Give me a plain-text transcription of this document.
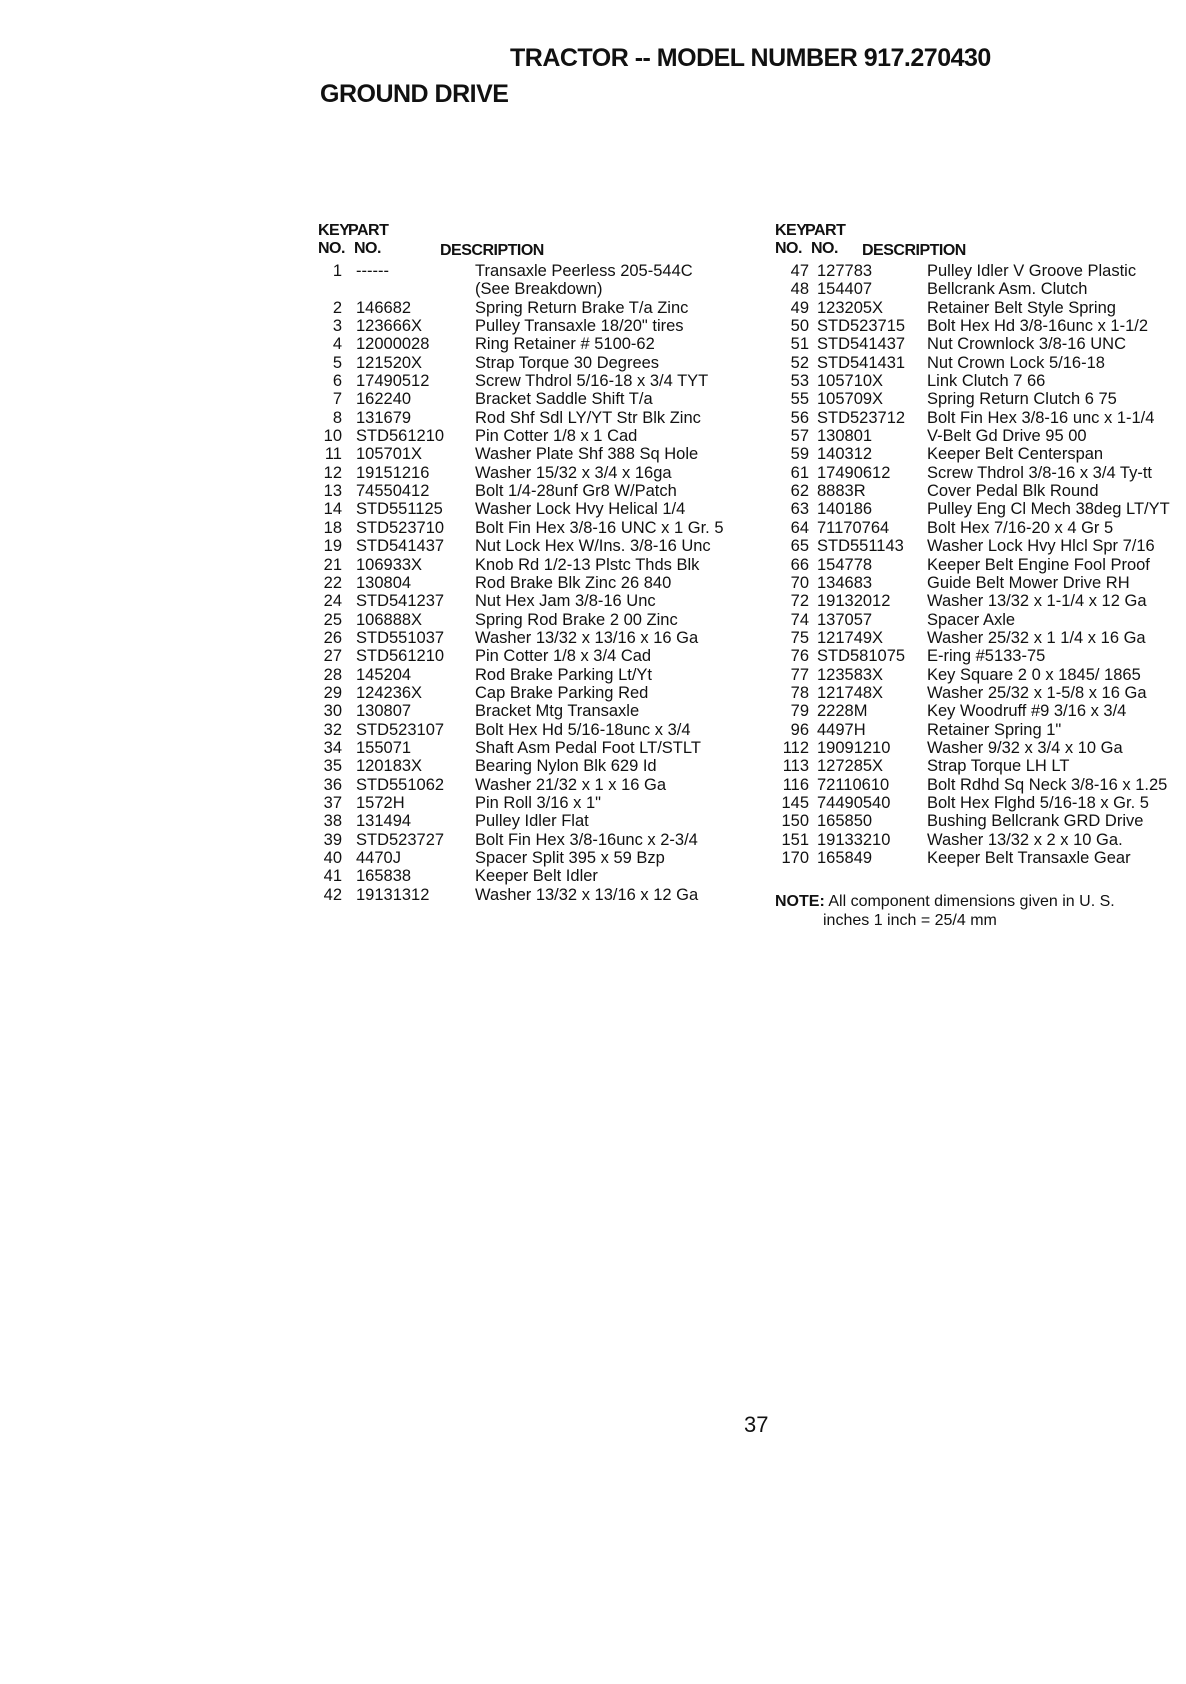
TRACTOR -- MODEL NUMBER 917.270430
GROUND DRIVE
KEY
PART
NO. NO.	DESCRIPTION
1 ------	Transaxle Peerless 205-544C
(See Breakdown)
2 146682	Spring Return Brake T/a Zinc
3 123666X	Pulley Transaxle 18/20" tires
4 12000028	Ring Retainer # 5100-62
5 121520X	Strap Torque 30 Degrees
6 17490512	Screw Thdrol 5/16-18 x 3/4 TYT
7 162240	Bracket Saddle Shift T/a
8 131679	Rod Shf Sdl LY/YT Str Blk Zinc
10 STD561210 Pin Cotter 1/8 x 1 Cad
11 105701X	Washer Plate Shf 388 Sq Hole
12 19151216	Washer 15/32 x 3/4 x 16ga
13 74550412	Bolt 1/4-28unf Gr8 W/Patch
14 STD551125 Washer Lock Hvy Helical 1/4
18 STD523710 Bolt Fin Hex 3/8-16 UNC x 1 Gr. 5
19 STD541437 Nut Lock Hex W/Ins. 3/8-16 Unc
21 106933X	Knob Rd 1/2-13 Plstc Thds Blk
22 130804	Rod Brake Blk Zinc 26 840
24 STD541237 Nut Hex Jam 3/8-16 Unc
25 106888X	Spring Rod Brake 2 00 Zinc
26 STD551037 Washer 13/32 x 13/16 x 16 Ga
27 STD561210 Pin Cotter 1/8 x 3/4 Cad
28 145204	Rod Brake Parking Lt/Yt
29 124236X	Cap Brake Parking Red
30 130807	Bracket Mtg Transaxle
32 STD523107 Bolt Hex Hd 5/16-18unc x 3/4
34 155071	Shaft Asm Pedal Foot LT/STLT
35 120183X	Bearing Nylon Blk 629 Id
36 STD551062 Washer 21/32 x 1 x 16 Ga
37 1572H	Pin Roll 3/16 x 1"
38 131494	Pulley Idler Flat
39 STD523727 Bolt Fin Hex 3/8-16unc x 2-3/4
40 4470J	Spacer Split 395 x 59 Bzp
41 165838	Keeper Belt Idler
42 19131312	Washer 13/32 x 13/16 x 12 Ga
KEY
PART
NO. NO. DESCRIPTION
47 127783	Pulley Idler V Groove Plastic
48 154407	Bellcrank Asm. Clutch
49 123205X	Retainer Belt Style Spring
50 STD523715 Bolt Hex Hd 3/8-16unc x 1-1/2
51 STD541437 Nut Crownlock 3/8-16 UNC
52 STD541431 Nut Crown Lock 5/16-18
53 105710X	Link Clutch 7 66
55 105709X	Spring Return Clutch 6 75
56 STD523712 Bolt Fin Hex 3/8-16 unc x 1-1/4
57 130801	V-Belt Gd Drive 95 00
59 140312	Keeper Belt Centerspan
61 17490612 Screw Thdrol 3/8-16 x 3/4 Ty-tt
62 8883R	Cover Pedal Blk Round
63 140186	Pulley Eng Cl Mech 38deg LT/YT
64 71170764 Bolt Hex 7/16-20 x 4 Gr 5
65 STD551143 Washer Lock Hvy Hlcl Spr 7/16
66 154778	Keeper Belt Engine Fool Proof
70 134683	Guide Belt Mower Drive RH
72 19132012 Washer 13/32 x 1-1/4 x 12 Ga
74 137057	Spacer Axle
75 121749X	Washer 25/32 x 1 1/4 x 16 Ga
76 STD581075 E-ring #5133-75
77 123583X	Key Square 2 0 x 1845/ 1865
78 121748X	Washer 25/32 x 1-5/8 x 16 Ga
79 2228M	Key Woodruff #9 3/16 x 3/4
96 4497H	Retainer Spring 1"
112 19091210 Washer 9/32 x 3/4 x 10 Ga
113 127285X	Strap Torque LH LT
116 72110610 Bolt Rdhd Sq Neck 3/8-16 x 1.25
145 74490540 Bolt Hex Flghd 5/16-18 x Gr. 5
150 165850	Bushing Bellcrank GRD Drive
151 19133210 Washer 13/32 x 2 x 10 Ga.
170 165849	Keeper Belt Transaxle Gear
NOTE: All component dimensions given in U. S.
inches 1 inch = 25/4 mm
37
